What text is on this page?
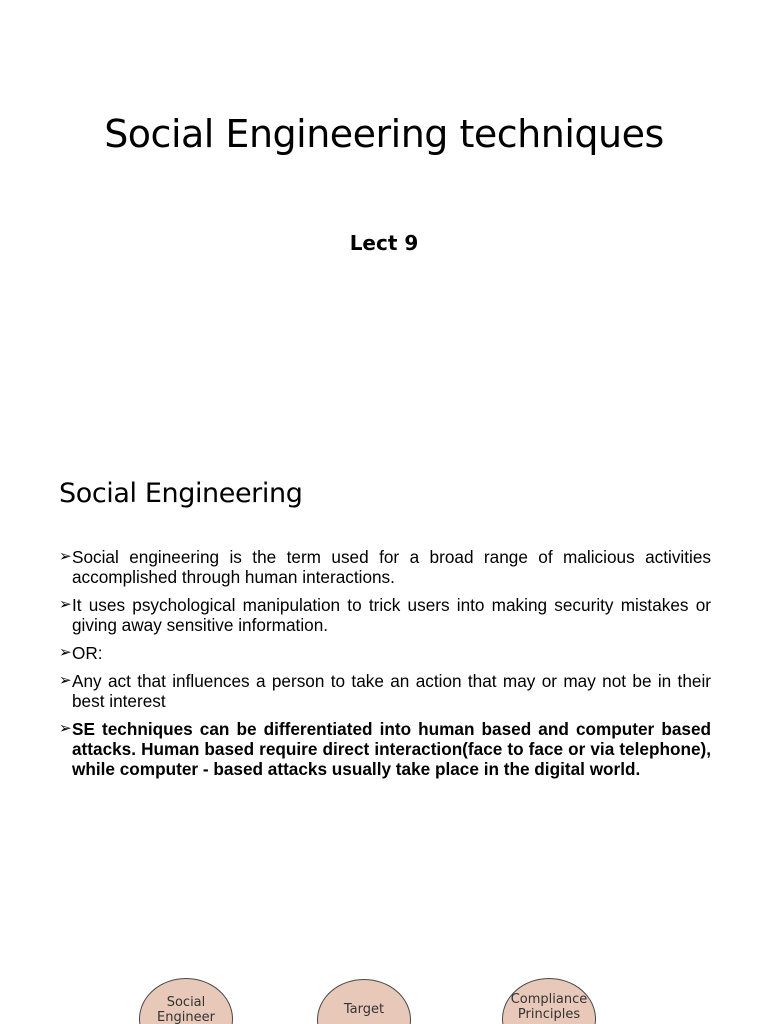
Social Engineering techniques
Lect 9
Social Engineering
➢ Social engineering is the term used for a broad range of malicious activities accomplished through human interactions.
➢ It uses psychological manipulation to trick users into making security mistakes or giving away sensitive information.
➢ OR:
➢ Any act that influences a person to take an action that may or may not be in their best interest
➢ SE techniques can be differentiated into human based and computer based attacks. Human based require direct interaction(face to face or via telephone), while computer - based attacks usually take place in the digital world.
Social
Engineer
Target
Compliance
Principles
